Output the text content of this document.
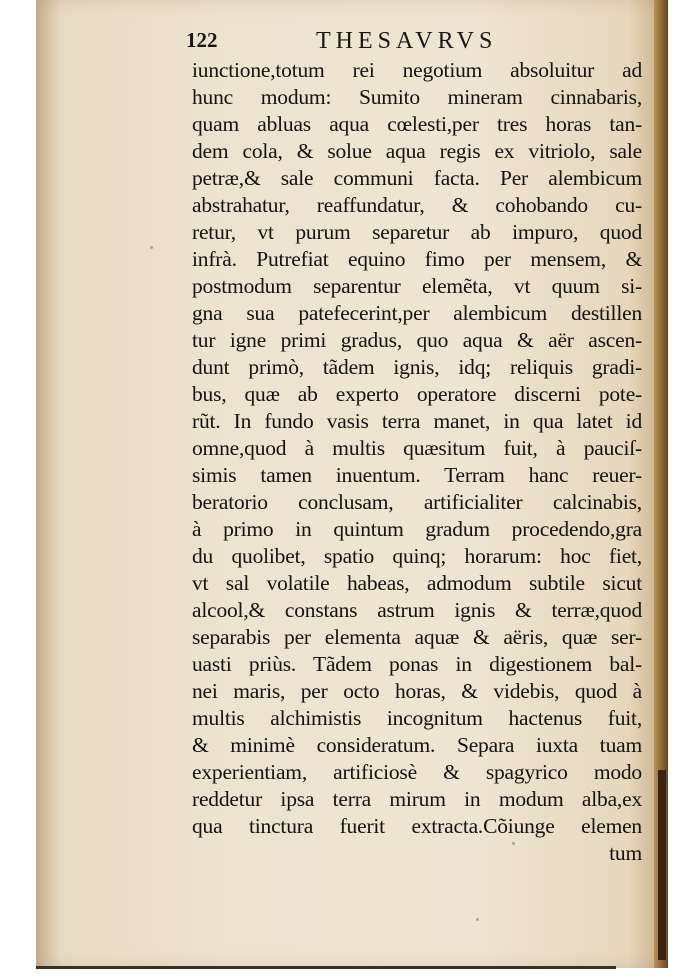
122	THESAVRVS
iunctione,totum rei negotium absoluitur ad
hunc modum: Sumito mineram cinnabaris,
quam abluas aqua cœlesti,per tres horas tan-
dem cola, & solue aqua regis ex vitriolo, sale
petræ,& sale communi facta. Per alembicum
abstrahatur, reaffundatur, & cohobando cu-
retur, vt purum separetur ab impuro, quod
infrà. Putrefiat equino fimo per mensem, &
postmodum separentur elemẽta, vt quum si-
gna sua patefecerint,per alembicum destillen
tur igne primi gradus, quo aqua & aër ascen-
dunt primò, tãdem ignis, idq; reliquis gradi-
bus, quæ ab experto operatore discerni pote-
rũt. In fundo vasis terra manet, in qua latet id
omne,quod à multis quæsitum fuit, à pauciſ-
simis tamen inuentum. Terram hanc reuer-
beratorio conclusam, artificialiter calcinabis,
à primo in quintum gradum procedendo,gra
du quolibet, spatio quinq; horarum: hoc fiet,
vt sal volatile habeas, admodum subtile sicut
alcool,& constans astrum ignis & terræ,quod
separabis per elementa aquæ & aëris, quæ ser-
uasti priùs. Tãdem ponas in digestionem bal-
nei maris, per octo horas, & videbis, quod à
multis alchimistis incognitum hactenus fuit,
& minimè consideratum. Separa iuxta tuam
experientiam, artificiosè & spagyrico modo
reddetur ipsa terra mirum in modum alba,ex
qua tinctura fuerit extracta.Cõiunge elemen
tum
